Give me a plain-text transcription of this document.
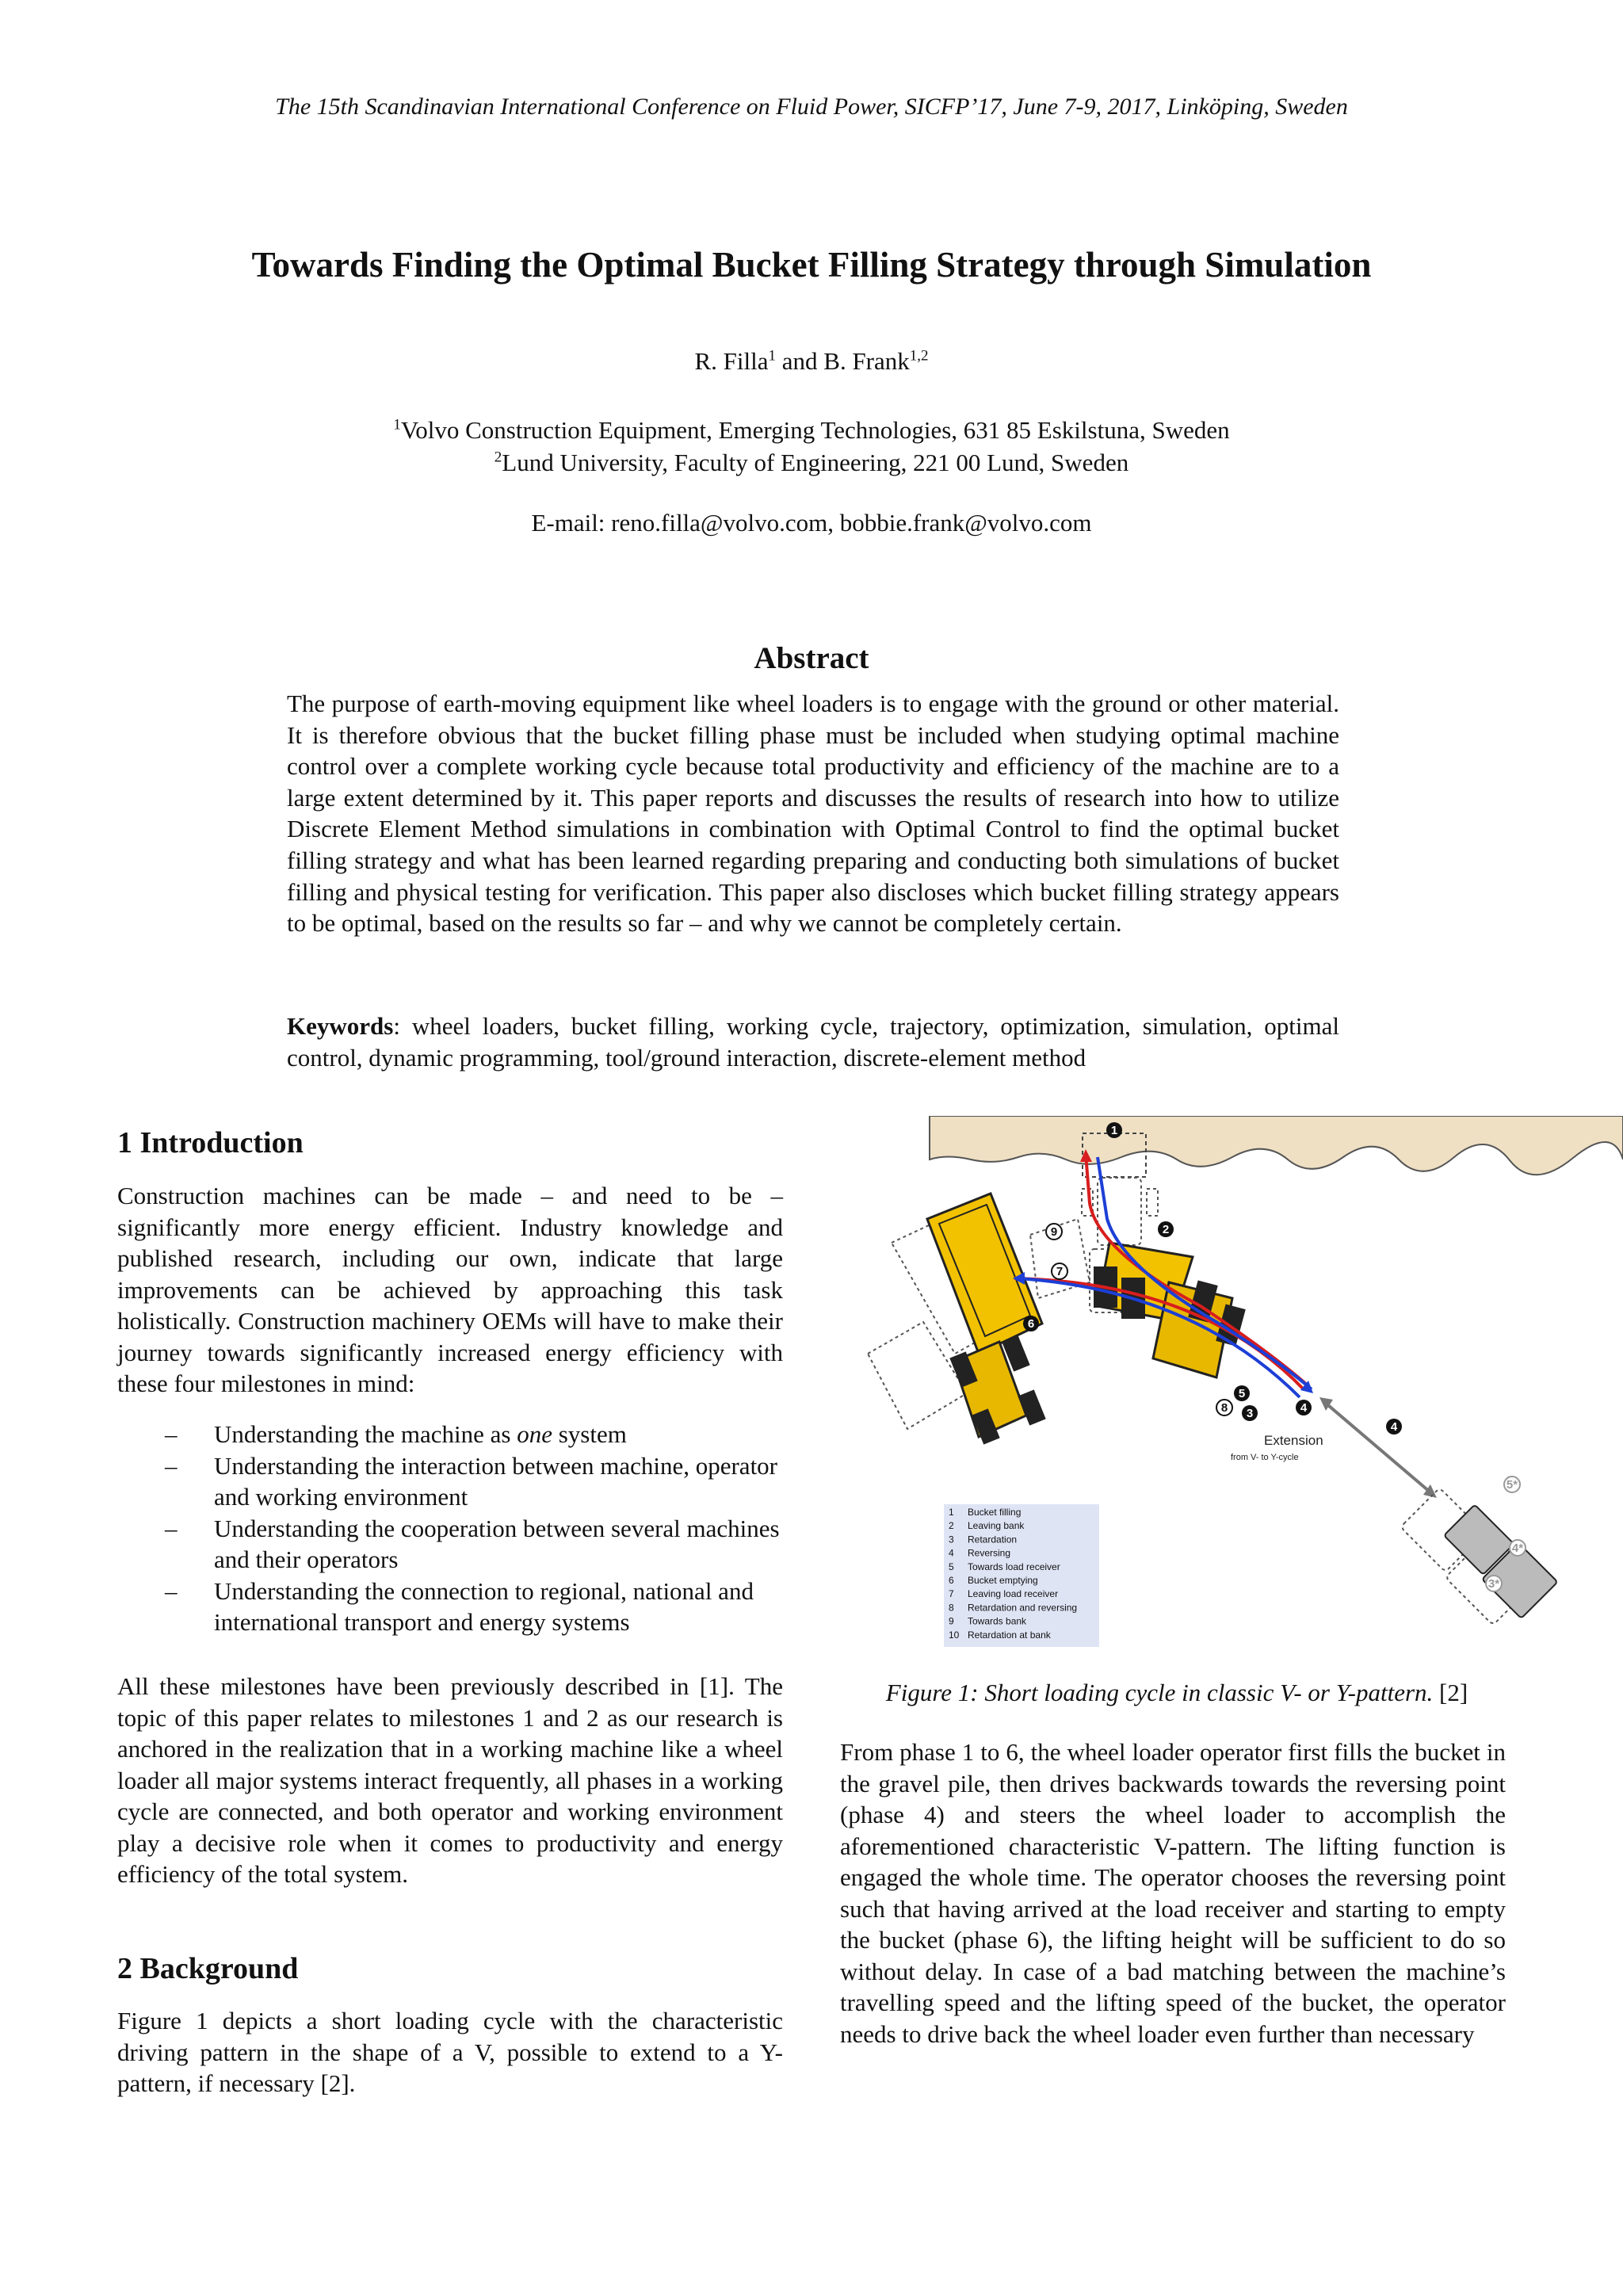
The 15th Scandinavian International Conference on Fluid Power, SICFP’17, June 7-9, 2017, Linköping, Sweden
Towards Finding the Optimal Bucket Filling Strategy through Simulation
R. Filla$^1$ and B. Frank$^{1,2}$
$^1$Volvo Construction Equipment, Emerging Technologies, 631 85 Eskilstuna, Sweden
$^2$Lund University, Faculty of Engineering, 221 00 Lund, Sweden
E-mail: reno.filla@volvo.com, bobbie.frank@volvo.com
Abstract

The purpose of earth-moving equipment like wheel loaders is to engage with the ground or other material. It is therefore obvious that the bucket filling phase must be included when studying optimal machine control over a complete working cycle because total productivity and efficiency of the machine are to a large extent determined by it. This paper reports and discusses the results of research into how to utilize Discrete Element Method simulations in combination with Optimal Control to find the optimal bucket filling strategy and what has been learned regarding preparing and conducting both simulations of bucket filling and physical testing for verification. This paper also discloses which bucket filling strategy appears to be optimal, based on the results so far – and why we cannot be completely certain.

Keywords: wheel loaders, bucket filling, working cycle, trajectory, optimization, simulation, optimal control, dynamic programming, tool/ground interaction, discrete-element method

1 Introduction

Construction machines can be made – and need to be – significantly more energy efficient. Industry knowledge and published research, including our own, indicate that large improvements can be achieved by approaching this task holistically. Construction machinery OEMs will have to make their journey towards significantly increased energy efficiency with these four milestones in mind:

– Understanding the machine as one system
– Understanding the interaction between machine, operator and working environment
– Understanding the cooperation between several machines and their operators
– Understanding the connection to regional, national and international transport and energy systems

All these milestones have been previously described in [1]. The topic of this paper relates to milestones 1 and 2 as our research is anchored in the realization that in a working machine like a wheel loader all major systems interact frequently, all phases in a working cycle are connected, and both operator and working environment play a decisive role when it comes to productivity and energy efficiency of the total system.

2 Background

Figure 1 depicts a short loading cycle with the characteristic driving pattern in the shape of a V, possible to extend to a Y-pattern, if necessary [2].

Extension
from V- to Y-cycle
1
2
9
7
6
5
8 3	4
4
5*
4*
3*
1 Bucket filling
2 Leaving bank
3 Retardation
4 Reversing
5 Towards load receiver
6 Bucket emptying
7 Leaving load receiver
8 Retardation and reversing
9 Towards bank
10 Retardation at bank
Figure 1: Short loading cycle in classic V- or Y-pattern. [2]

From phase 1 to 6, the wheel loader operator first fills the bucket in the gravel pile, then drives backwards towards the reversing point (phase 4) and steers the wheel loader to accomplish the aforementioned characteristic V-pattern. The lifting function is engaged the whole time. The operator chooses the reversing point such that having arrived at the load receiver and starting to empty the bucket (phase 6), the lifting height will be sufficient to do so without delay. In case of a bad matching between the machine’s travelling speed and the lifting speed of the bucket, the operator needs to drive back the wheel loader even further than necessary
